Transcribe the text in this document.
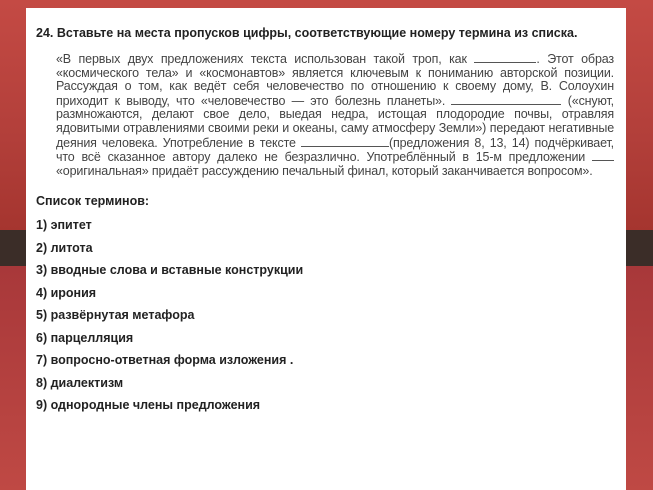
24. Вставьте на места пропусков цифры, соответствующие номеру термина из списка.

«В первых двух предложениях текста использован такой троп, как	. Этот образ «космического тела» и «космонавтов» является ключевым к пониманию авторской позиции. Рассуждая о том, как ведёт себя человечество по отношению к своему дому, В. Солоухин приходит к выводу, что «человечество — это болезнь планеты».	(«снуют, размножаются, делают свое дело, выедая недра, истощая плодородие почвы, отравляя ядовитыми отравлениями своими реки и океаны, саму атмосферу Земли») передают негативные деяния человека. Употребление в тексте	(предложения 8, 13, 14) подчёркивает, что всё сказанное автору далеко не безразлично. Употреблённый в 15-м предложении  «оригинальная» придаёт рассуждению печальный финал, который заканчивается вопросом».

Список терминов:

1) эпитет
2) литота
3) вводные слова и вставные конструкции
4) ирония
5) развёрнутая метафора
6) парцелляция
7) вопросно-ответная форма изложения .
8) диалектизм
9) однородные члены предложения
